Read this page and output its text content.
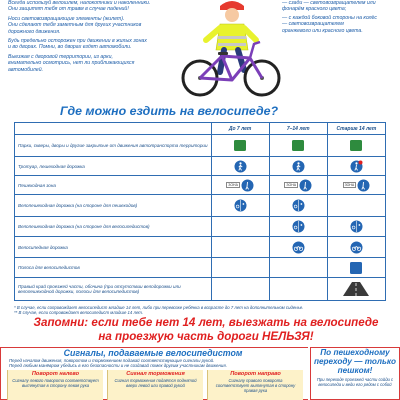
Всегда используй велошлем, налокотники и наколенники.
Они защитят тебя от травм в случае падений!

Носи световозвращающие элементы (жилет).
Они сделают тебя заметным для других участников
дорожного движения.

Будь предельно осторожен при движении в жилых зонах
и во дворах. Помни, во дворах ездят автомобили.

Выезжая с дворовой территории, из арки,
внимательно осмотрись, нет ли приближающихся
автомобилей.

— сзади — световозвращателем или
фонарём красного цвета;

— с каждой боковой стороны на колёс
— световозвращателем
оранжевого или красного цвета.

Где можно ездить на велосипеде?
	До 7 лет	7–14 лет	Старше 14 лет
Парки, скверы, дворы и другие закрытые от движения автотранспорта территории			
Тротуар, пешеходная дорожка			
Пешеходная зона	ЗОНА	ЗОНА	ЗОНА
Велопешеходная дорожка (на стороне для пешеходов)			
Велопешеходная дорожка (на стороне для велосипедистов)			
Велосипедная дорожка			
Полоса для велосипедистов			
Правый край проезжей части, обочина (при отсутствии велодорожки или велопешеходной дорожки, полосы для велосипедистов)			
* В случае, если сопровождает велосипедист младше 14 лет, либо при перевозке ребёнка в возрасте до 7 лет на дополнительном сиденье.
** В случае, если сопровождает велосипедист младше 14 лет.
Запомни: если тебе нет 14 лет, выезжать на велосипеде
на проезжую часть дороги НЕЛЬЗЯ!
Сигналы, подаваемые велосипедистом
Перед началом движения, поворотом и торможением подавай соответствующие сигналы рукой.
Перед любым манёвром убедись в его безопасности и не создавай помех другим участникам движения.
Поворот налево
Сигналу левого поворота соответствует вытянутая в сторону левая рука
Сигнал торможения
Сигнал торможения подаётся поднятой вверх левой или правой рукой
Поворот направо
Сигналу правого поворота соответствует вытянутая в сторону правая рука
По пешеходному переходу — только пешком!
При переходе проезжей части сойди с велосипеда и веди его рядом с собой
